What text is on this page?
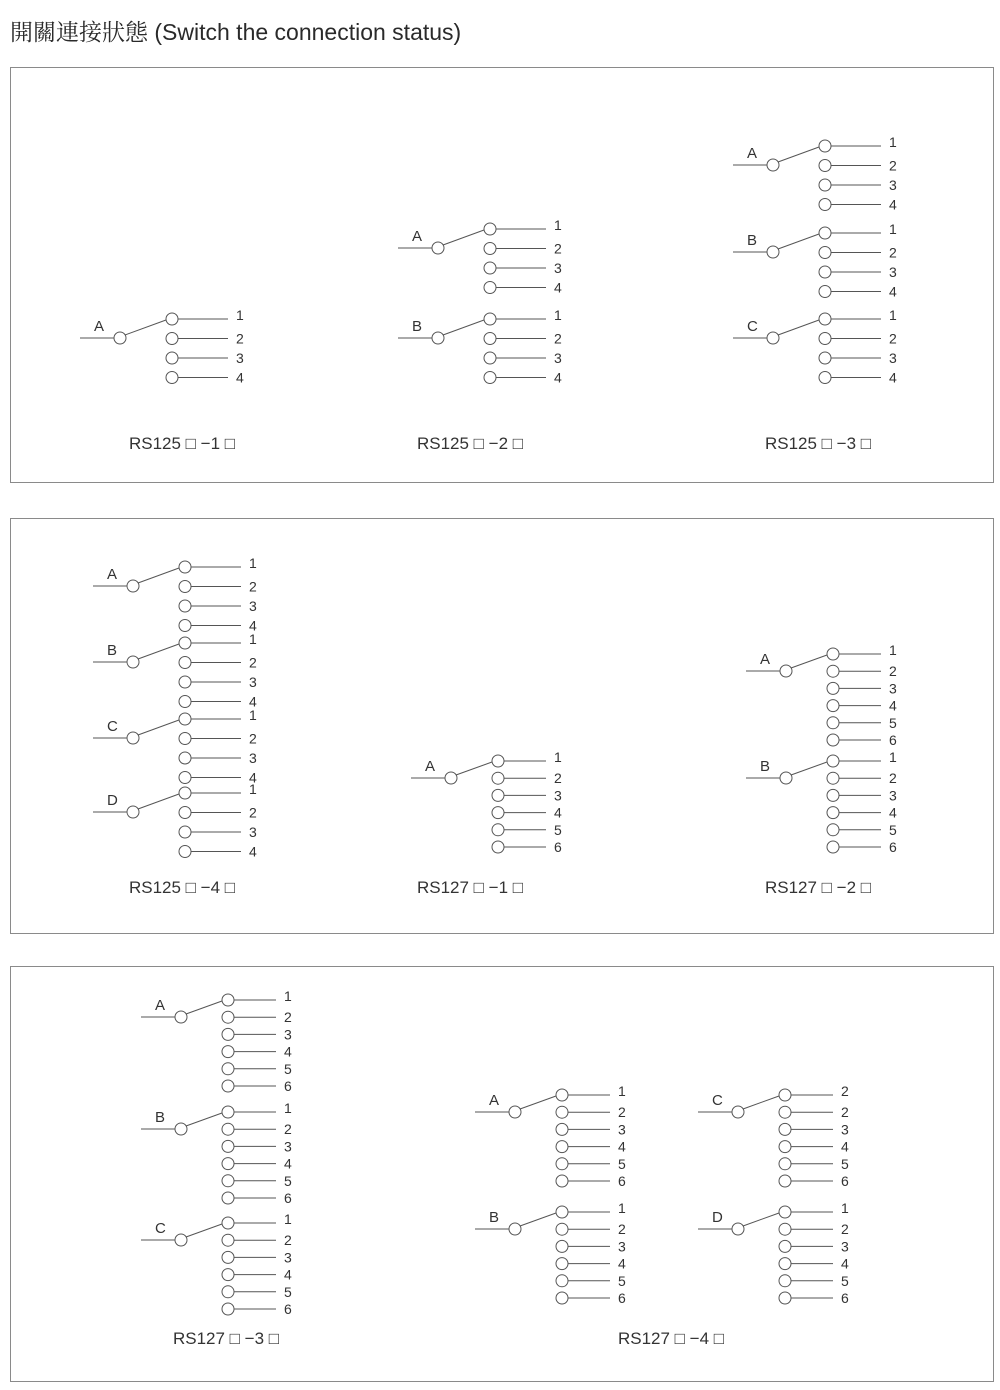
開關連接狀態 (Switch the connection status)
A
1
2
3
4
RS125 □ −1 □
A
1
2
3
4
B
1
2
3
4
RS125 □ −2 □
A
1
2
3
4
B
1
2
3
4
C
1
2
3
4
RS125 □ −3 □
A
1
2
3
4
B
1
2
3
4
C
1
2
3
4
D
1
2
3
4
RS125 □ −4 □
A
1
2
3
4
5
6
RS127 □ −1 □
A
1
2
3
4
5
6
B
1
2
3
4
5
6
RS127 □ −2 □
A
1
2
3
4
5
6
B
1
2
3
4
5
6
C
1
2
3
4
5
6
RS127 □ −3 □
A
1
2
3
4
5
6
B
1
2
3
4
5
6
C
2
2
3
4
5
6
D
1
2
3
4
5
6
RS127 □ −4 □
